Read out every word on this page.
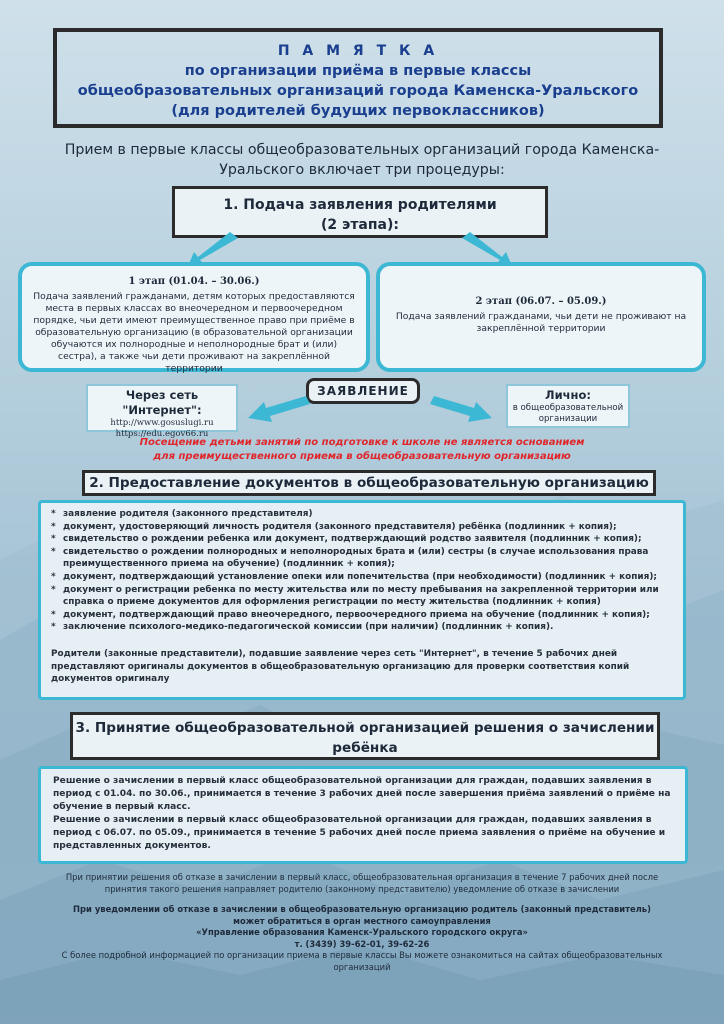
П А М Я Т К А
по организации приёма в первые классы
общеобразовательных организаций города Каменска-Уральского
(для родителей будущих первоклассников)
Прием в первые классы общеобразовательных организаций города Каменска-Уральского включает три процедуры:
1. Подача заявления родителями
(2 этапа):
1 этап (01.04. – 30.06.)
Подача заявлений гражданами, детям которых предоставляются места в первых классах во внеочередном и первоочередном порядке, чьи дети имеют преимущественное право при приёме в образовательную организацию (в образовательной организации обучаются их полнородные и неполнородные брат и (или) сестра), а также чьи дети проживают на закреплённой территории
2 этап (06.07. – 05.09.)
Подача заявлений гражданами, чьи дети не проживают на закреплённой территории
ЗАЯВЛЕНИЕ
Через сеть "Интернет":
http://www.gosuslugi.ru
https://edu.egov66.ru
Лично:
в общеобразовательной организации
Посещение детьми занятий по подготовке к школе не является основанием
для преимущественного приема в общеобразовательную организацию
2. Предоставление документов в общеобразовательную организацию
* заявление родителя (законного представителя)
* документ, удостоверяющий личность родителя (законного представителя) ребёнка (подлинник + копия);
* свидетельство о рождении ребенка или документ, подтверждающий родство заявителя (подлинник + копия);
* свидетельство о рождении полнородных и неполнородных брата и (или) сестры (в случае использования права преимущественного приема на обучение) (подлинник + копия);
* документ, подтверждающий установление опеки или попечительства (при необходимости) (подлинник + копия);
* документ о регистрации ребенка по месту жительства или по месту пребывания на закрепленной территории или справка о приеме документов для оформления регистрации по месту жительства (подлинник + копия)
* документ, подтверждающий право внеочередного, первоочередного приема на обучение (подлинник + копия);
* заключение психолого-медико-педагогической комиссии (при наличии) (подлинник + копия).
Родители (законные представители), подавшие заявление через сеть "Интернет", в течение 5 рабочих дней представляют оригиналы документов в общеобразовательную организацию для проверки соответствия копий документов оригиналу
3. Принятие общеобразовательной организацией решения о зачислении ребёнка
Решение о зачислении в первый класс общеобразовательной организации для граждан, подавших заявления в период с 01.04. по 30.06., принимается в течение 3 рабочих дней после завершения приёма заявлений о приёме на обучение в первый класс.
Решение о зачислении в первый класс общеобразовательной организации для граждан, подавших заявления в период с 06.07. по 05.09., принимается в течение 5 рабочих дней после приема заявления о приёме на обучение и представленных документов.

При принятии решения об отказе в зачислении в первый класс, общеобразовательная организация в течение 7 рабочих дней после принятия такого решения направляет родителю (законному представителю) уведомление об отказе в зачислении

При уведомлении об отказе в зачислении в общеобразовательную организацию родитель (законный представитель) может обратиться в орган местного самоуправления

«Управление образования Каменск-Уральского городского округа»

т. (3439) 39-62-01, 39-62-26

С более подробной информацией по организации приема в первые классы Вы можете ознакомиться на сайтах общеобразовательных организаций
